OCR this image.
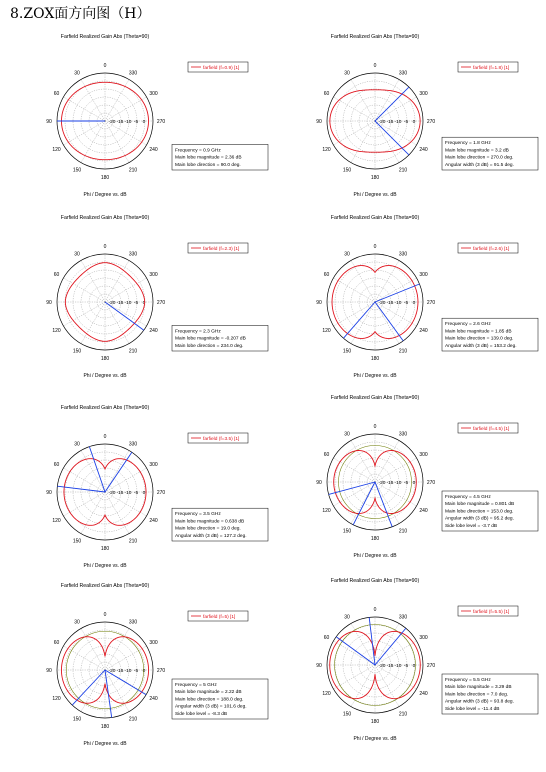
8.ZOX面方向图（H）
Farfield Realized Gain Abs (Theta=90)
0
30
60
90
120
150
180
210
240
270
300
330
-20 -15 -10 -5 0
farfield (f=0.9) [1]
Frequency = 0.9 GHz
Main lobe magnitude = 2.36 dB
Main lobe direction = 90.0 deg.
Phi / Degree vs. dB
Farfield Realized Gain Abs (Theta=90)
0
30
60
90
120
150
180
210
240
270
300
330
-20 -15 -10 -5 0
farfield (f=1.8) [1]
Frequency = 1.8 GHz
Main lobe magnitude = 3.2 dB
Main lobe direction = 270.0 deg.
Angular width (3 dB) = 91.5 deg.
Phi / Degree vs. dB
Farfield Realized Gain Abs (Theta=90)
0
30
60
90
120
150
180
210
240
270
300
330
-20 -15 -10 -5 0
farfield (f=2.3) [1]
Frequency = 2.3 GHz
Main lobe magnitude = -0.207 dB
Main lobe direction = 234.0 deg.
Phi / Degree vs. dB
Farfield Realized Gain Abs (Theta=90)
0
30
60
90
120
150
180
210
240
270
300
330
-20 -15 -10 -5 0
farfield (f=2.6) [1]
Frequency = 2.6 GHz
Main lobe magnitude = 1.85 dB
Main lobe direction = 139.0 deg.
Angular width (3 dB) = 153.2 deg.
Phi / Degree vs. dB
Farfield Realized Gain Abs (Theta=90)
0
30
60
90
120
150
180
210
240
270
300
330
-20 -15 -10 -5 0
farfield (f=3.5) [1]
Frequency = 3.5 GHz
Main lobe magnitude = 0.638 dB
Main lobe direction = 19.0 deg.
Angular width (3 dB) = 127.2 deg.
Phi / Degree vs. dB
Farfield Realized Gain Abs (Theta=90)
0
30
60
90
120
150
180
210
240
270
300
330
-20 -15 -10 -5 0
farfield (f=4.5) [1]
Frequency = 4.5 GHz
Main lobe magnitude = 0.801 dB
Main lobe direction = 153.0 deg.
Angular width (3 dB) = 95.2 deg.
Side lobe level = -3.7 dB
Phi / Degree vs. dB
Farfield Realized Gain Abs (Theta=90)
0
30
60
90
120
150
180
210
240
270
300
330
-20 -15 -10 -5 0
farfield (f=5) [1]
Frequency = 5 GHz
Main lobe magnitude = 2.22 dB
Main lobe direction = 188.0 deg.
Angular width (3 dB) = 101.6 deg.
Side lobe level = -8.3 dB
Phi / Degree vs. dB
Farfield Realized Gain Abs (Theta=90)
0
30
60
90
120
150
180
210
240
270
300
330
-20 -15 -10 -5 0
farfield (f=5.5) [1]
Frequency = 5.5 GHz
Main lobe magnitude = 3.29 dB
Main lobe direction = 7.0 deg.
Angular width (3 dB) = 93.8 deg.
Side lobe level = -11.4 dB
Phi / Degree vs. dB
